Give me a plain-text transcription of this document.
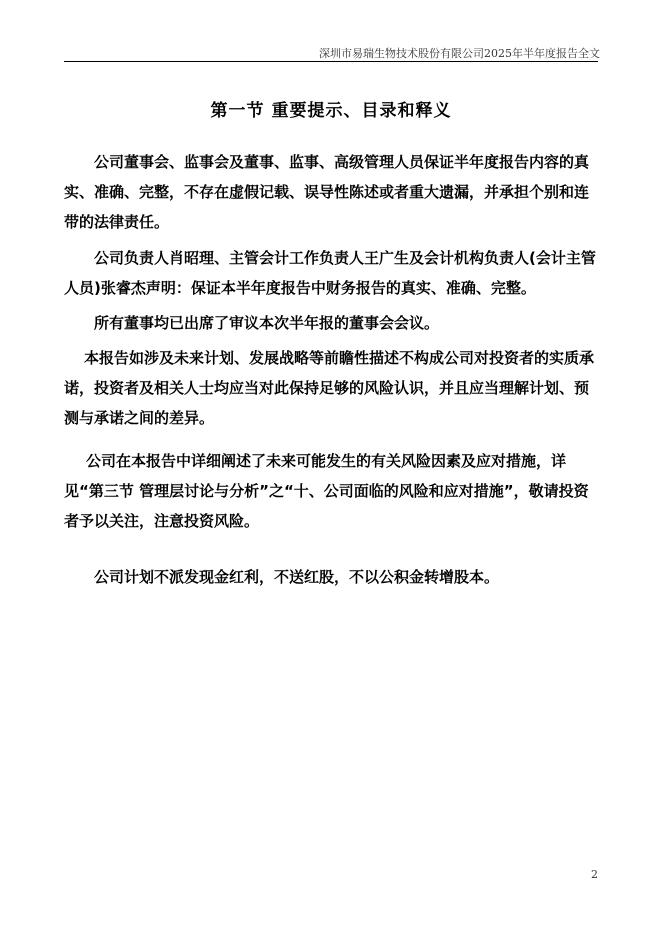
深圳市易瑞生物技术股份有限公司2025年半年度报告全文
第一节 重要提示、目录和释义

公司董事会、监事会及董事、监事、高级管理人员保证半年度报告内容的真实、准确、完整，不存在虚假记载、误导性陈述或者重大遗漏，并承担个别和连带的法律责任。

公司负责人肖昭理、主管会计工作负责人王广生及会计机构负责人(会计主管人员)张睿杰声明：保证本半年度报告中财务报告的真实、准确、完整。

所有董事均已出席了审议本次半年报的董事会会议。

本报告如涉及未来计划、发展战略等前瞻性描述不构成公司对投资者的实质承诺，投资者及相关人士均应当对此保持足够的风险认识，并且应当理解计划、预测与承诺之间的差异。

公司在本报告中详细阐述了未来可能发生的有关风险因素及应对措施，详见“第三节 管理层讨论与分析”之“十、公司面临的风险和应对措施”，敬请投资者予以关注，注意投资风险。

公司计划不派发现金红利，不送红股，不以公积金转增股本。

2
